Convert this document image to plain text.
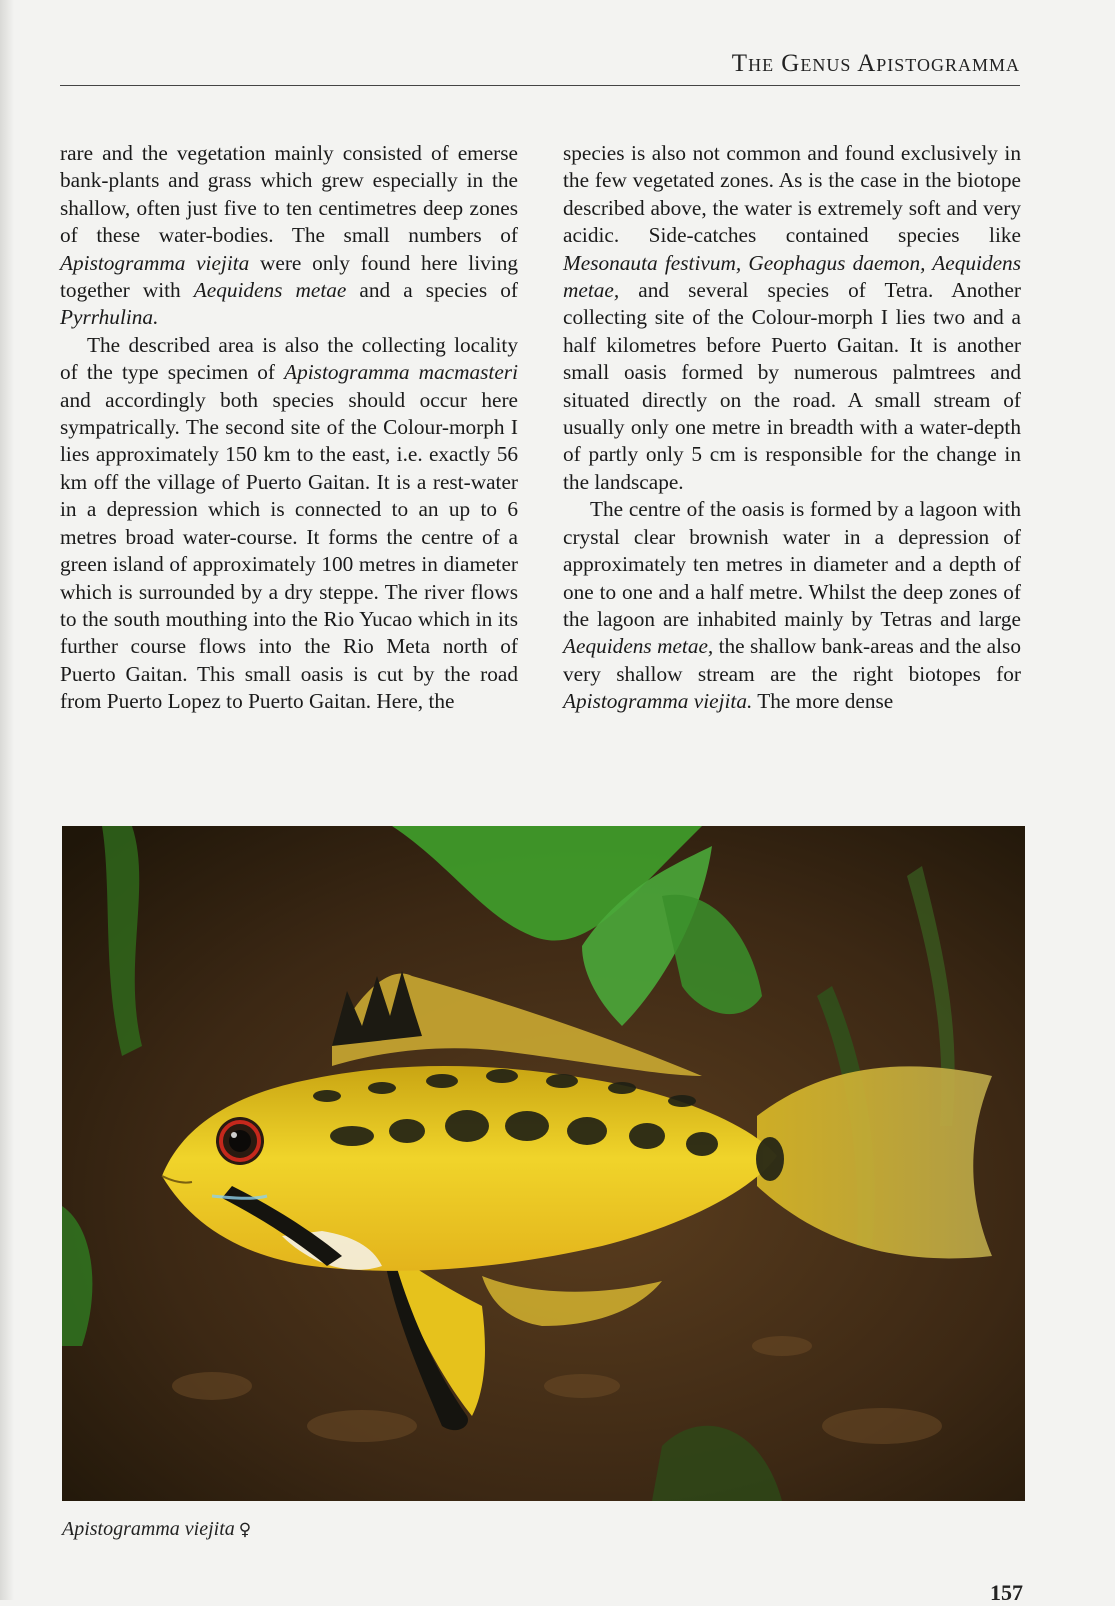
The Genus Apistogramma

rare and the vegetation mainly consisted of emerse bank-plants and grass which grew especially in the shallow, often just five to ten centimetres deep zones of these water-bodies. The small numbers of Apistogramma viejita were only found here living together with Aequidens metae and a species of Pyrrhulina.

The described area is also the collecting locality of the type specimen of Apistogramma macmasteri and accordingly both species should occur here sympatrically. The second site of the Colour-morph I lies approximately 150 km to the east, i.e. exactly 56 km off the village of Puerto Gaitan. It is a rest-water in a depression which is connected to an up to 6 metres broad water-course. It forms the centre of a green island of approximately 100 metres in diameter which is surrounded by a dry steppe. The river flows to the south mouthing into the Rio Yucao which in its further course flows into the Rio Meta north of Puerto Gaitan. This small oasis is cut by the road from Puerto Lopez to Puerto Gaitan. Here, the

species is also not common and found exclusively in the few vegetated zones. As is the case in the biotope described above, the water is extremely soft and very acidic. Side-catches contained species like Mesonauta festivum, Geophagus daemon, Aequidens metae, and several species of Tetra. Another collecting site of the Colour-morph I lies two and a half kilometres before Puerto Gaitan. It is another small oasis formed by numerous palmtrees and situated directly on the road. A small stream of usually only one metre in breadth with a water-depth of partly only 5 cm is responsible for the change in the landscape.

The centre of the oasis is formed by a lagoon with crystal clear brownish water in a depression of approximately ten metres in diameter and a depth of one to one and a half metre. Whilst the deep zones of the lagoon are inhabited mainly by Tetras and large Aequidens metae, the shallow bank-areas and the also very shallow stream are the right biotopes for Apistogramma viejita. The more dense

Apistogramma viejita ♀
157
